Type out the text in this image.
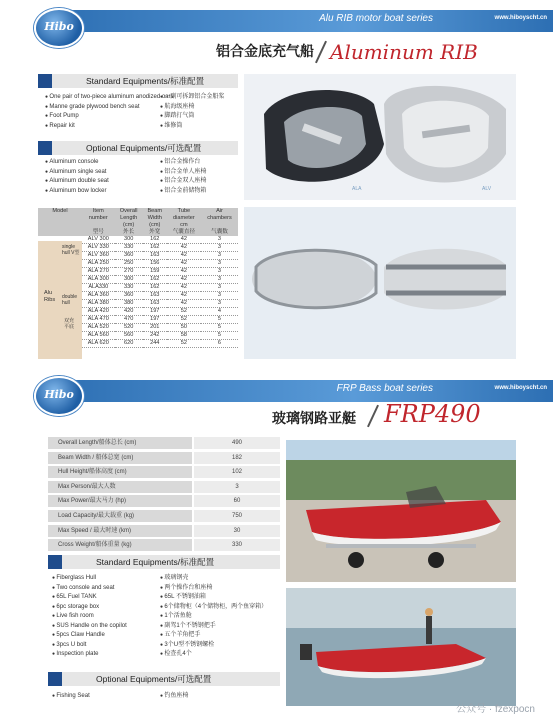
Alu RIB motor boat series	www.hiboyscht.cn
Hibo
铝合金底充气船 Aluminum RIB
Standard Equipments/标准配置
● One pair of two-piece aluminum anodized oars
● Manne grade plywood bench seat
● Foot Pump
● Repair kit
● 一副可拆卸铝合金船桨
● 航海级座椅
● 脚踏打气筒
● 维修筒
Optional Equipments/可选配置
● Aluminum console
● Aluminum single seat
● Aluminum double seat
● Aluminum bow locker
● 铝合金操作台
● 铝合金单人座椅
● 铝合金双人座椅
● 铝合金前储物箱	ALA	ALV
Alu Ribs
single hull V型
double hull
双充 平底
Model	Item	Overall	Beam	Tube	Air
	number	Length	Width	diameter	chambers
		(cm)	(cm)	cm	
	型号	外长	外宽	气囊直径	气囊数
	ALV 300	300	162	42	3
	ALV 330	330	162	42	3
	ALV 360	360	163	42	3
	ALA 250	250	156	42	3
	ALA 270	270	159	42	3
	ALA 300	300	162	42	3
	ALA330	330	162	42	3
	ALA 360	360	163	42	3
	ALA 380	380	163	42	3
	ALA 420	420	197	52	4
	ALA 470	470	197	52	5
	ALA 520	520	201	50	5
	ALA 560	560	242	58	5
	ALA 620	620	244	52	6
FRP Bass boat series	www.hiboyscht.cn
Hibo
玻璃钢路亚艇 FRP490
Overall Length/船体总长 (cm)	490
Beam Width / 船体总宽 (cm)	182
Hull Height/船体高度 (cm)	102
Max Person/最大人数	3
Max Power/最大马力 (hp)	60
Load Capacity/最大载重 (kg)	750
Max Speed / 最大时速 (km)	30
Cross Weight/船体重量 (kg)	330
Standard Equipments/标准配置
● Fiberglass Hull
● Two console and seat
● 65L Fuel TANK
● 6pc storage box
● Live fish room
● SUS Handle on the copilot
● 5pcs Claw Handle
● 3pcs U bolt
● Inspection plate
● 玻璃钢壳
● 两个操作台和座椅
● 65L 不锈钢油箱
● 6个储物柜（4个储物柜，两个鱼穿箱）
● 1个活鱼舱
● 副驾1个不锈钢把手
● 五个羊角把手
● 3个U型不锈钢螺栓
● 检查孔4个
Optional Equipments/可选配置
● Fishing Seat	● 钓鱼座椅
公众号 · fzexpocn
